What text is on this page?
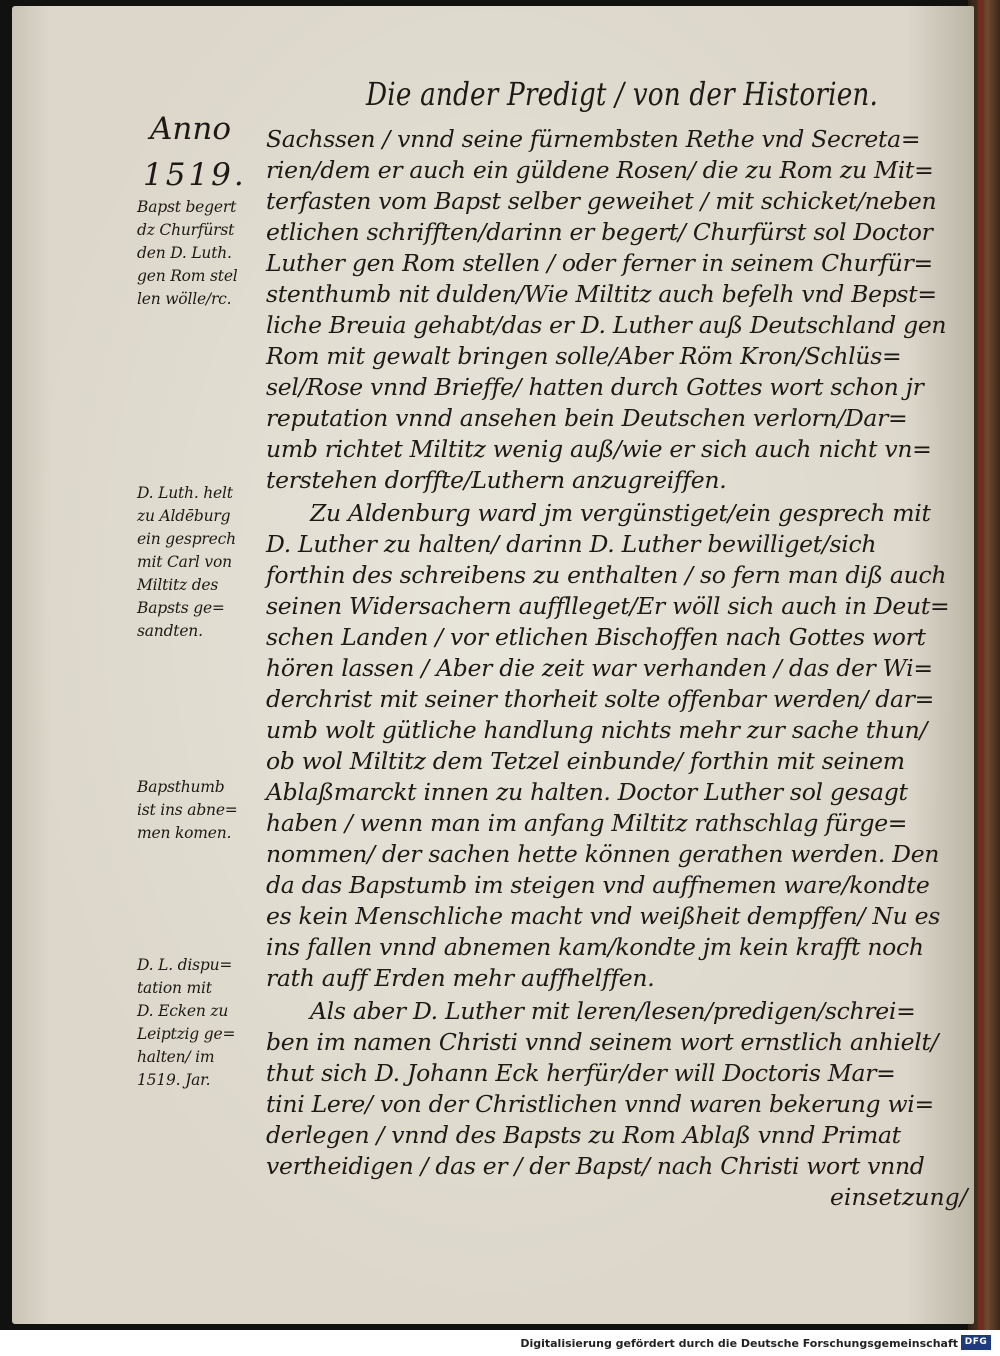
Die ander Predigt / von der Historien.

Anno

1519.

Sachssen / vnnd seine fürnembsten Rethe vnd Secreta=

rien/dem er auch ein güldene Rosen/ die zu Rom zu Mit=

terfasten vom Bapst selber geweihet / mit schicket/neben

etlichen schrifften/darinn er begert/ Churfürst sol Doctor

Luther gen Rom stellen / oder ferner in seinem Churfür=

stenthumb nit dulden/Wie Miltitz auch befelh vnd Bepst=

liche Breuia gehabt/das er D. Luther auß Deutschland gen

Rom mit gewalt bringen solle/Aber Röm Kron/Schlüs=

sel/Rose vnnd Brieffe/ hatten durch Gottes wort schon jr

reputation vnnd ansehen bein Deutschen verlorn/Dar=

umb richtet Miltitz wenig auß/wie er sich auch nicht vn=

terstehen dorffte/Luthern anzugreiffen.

Zu Aldenburg ward jm vergünstiget/ein gesprech mit

D. Luther zu halten/ darinn D. Luther bewilliget/sich

forthin des schreibens zu enthalten / so fern man diß auch

seinen Widersachern aufflleget/Er wöll sich auch in Deut=

schen Landen / vor etlichen Bischoffen nach Gottes wort

hören lassen / Aber die zeit war verhanden / das der Wi=

derchrist mit seiner thorheit solte offenbar werden/ dar=

umb wolt gütliche handlung nichts mehr zur sache thun/

ob wol Miltitz dem Tetzel einbunde/ forthin mit seinem

Ablaßmarckt innen zu halten. Doctor Luther sol gesagt

haben / wenn man im anfang Miltitz rathschlag fürge=

nommen/ der sachen hette können gerathen werden. Den

da das Bapstumb im steigen vnd auffnemen ware/kondte

es kein Menschliche macht vnd weißheit dempffen/ Nu es

ins fallen vnnd abnemen kam/kondte jm kein krafft noch

rath auff Erden mehr auffhelffen.

Als aber D. Luther mit leren/lesen/predigen/schrei=

ben im namen Christi vnnd seinem wort ernstlich anhielt/

thut sich D. Johann Eck herfür/der will Doctoris Mar=

tini Lere/ von der Christlichen vnnd waren bekerung wi=

derlegen / vnnd des Bapsts zu Rom Ablaß vnnd Primat

vertheidigen / das er / der Bapst/ nach Christi wort vnnd

einsetzung/

Bapst begert

dz Churfürst

den D. Luth.

gen Rom stel

len wölle/rc.

D. Luth. helt

zu Aldēburg

ein gesprech

mit Carl von

Miltitz des

Bapsts ge=

sandten.

Bapsthumb

ist ins abne=

men komen.

D. L. dispu=

tation mit

D. Ecken zu

Leiptzig ge=

halten/ im

1519. Jar.

Digitalisierung gefördert durch die Deutsche Forschungsgemeinschaft DFG
